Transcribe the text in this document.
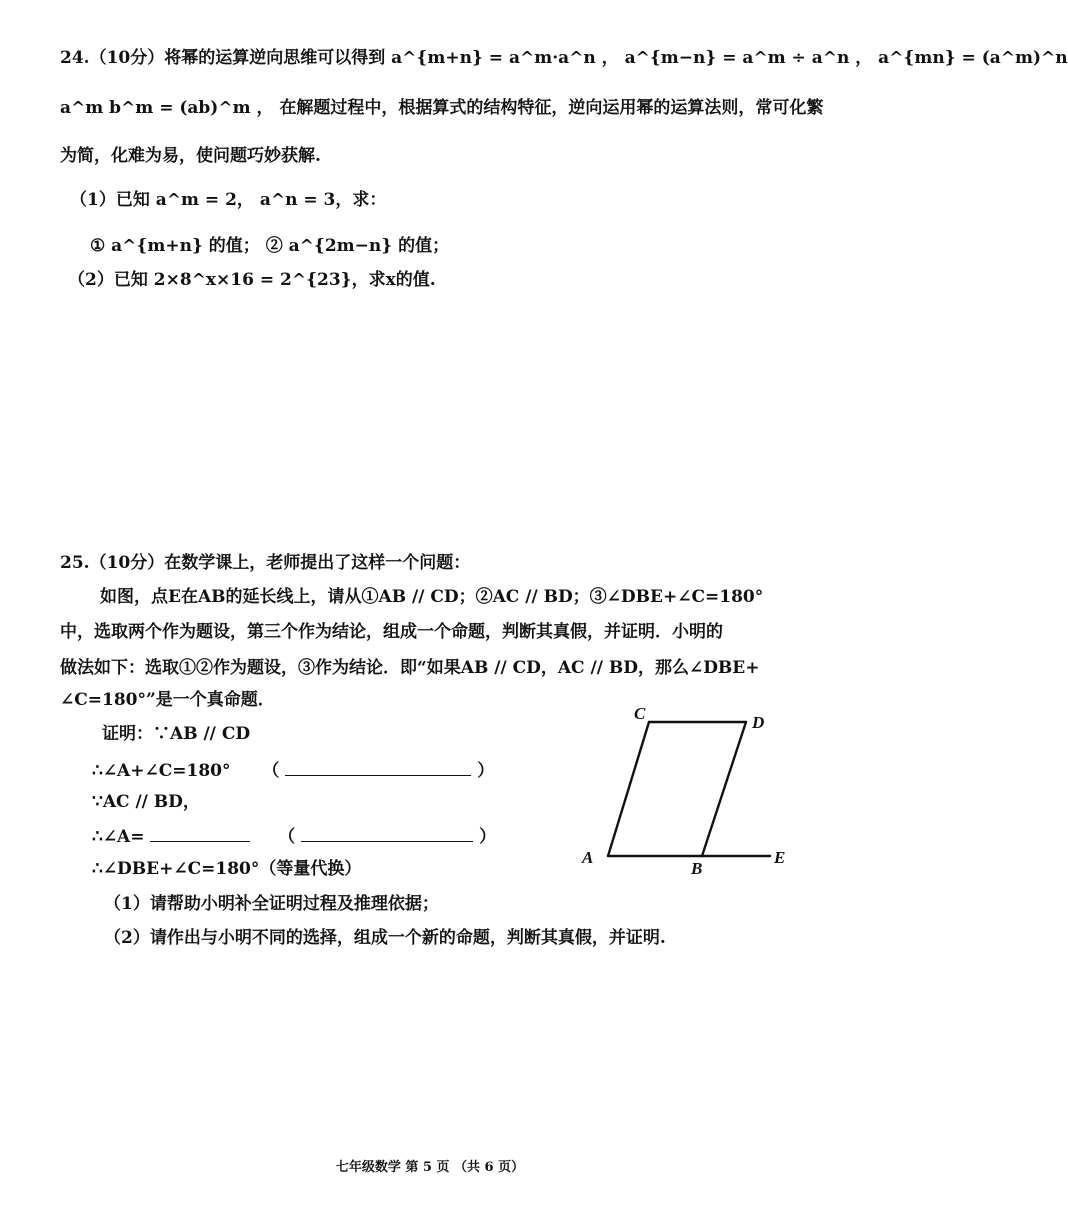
24.（10分）将幂的运算逆向思维可以得到 a^{m+n} = a^m·a^n ， a^{m−n} = a^m ÷ a^n ， a^{mn} = (a^m)^n
a^m b^m = (ab)^m ， 在解题过程中，根据算式的结构特征，逆向运用幂的运算法则，常可化繁
为简，化难为易，使问题巧妙获解.
（1）已知 a^m = 2， a^n = 3，求：
① a^{m+n} 的值； ② a^{2m−n} 的值；
（2）已知 2×8^x×16 = 2^{23}，求x的值.
25.（10分）在数学课上，老师提出了这样一个问题：
如图，点E在AB的延长线上，请从①AB // CD；②AC // BD；③∠DBE+∠C=180°
中，选取两个作为题设，第三个作为结论，组成一个命题，判断其真假，并证明．小明的
做法如下：选取①②作为题设，③作为结论．即“如果AB // CD，AC // BD，那么∠DBE+
∠C=180°”是一个真命题．
证明：∵AB // CD
∴∠A+∠C=180° （	）
∵AC // BD，
∴∠A=	（	）
∴∠DBE+∠C=180°（等量代换）
（1）请帮助小明补全证明过程及推理依据；
（2）请作出与小明不同的选择，组成一个新的命题，判断其真假，并证明.
C	D
A
B
E
七年级数学 第 5 页 （共 6 页）
